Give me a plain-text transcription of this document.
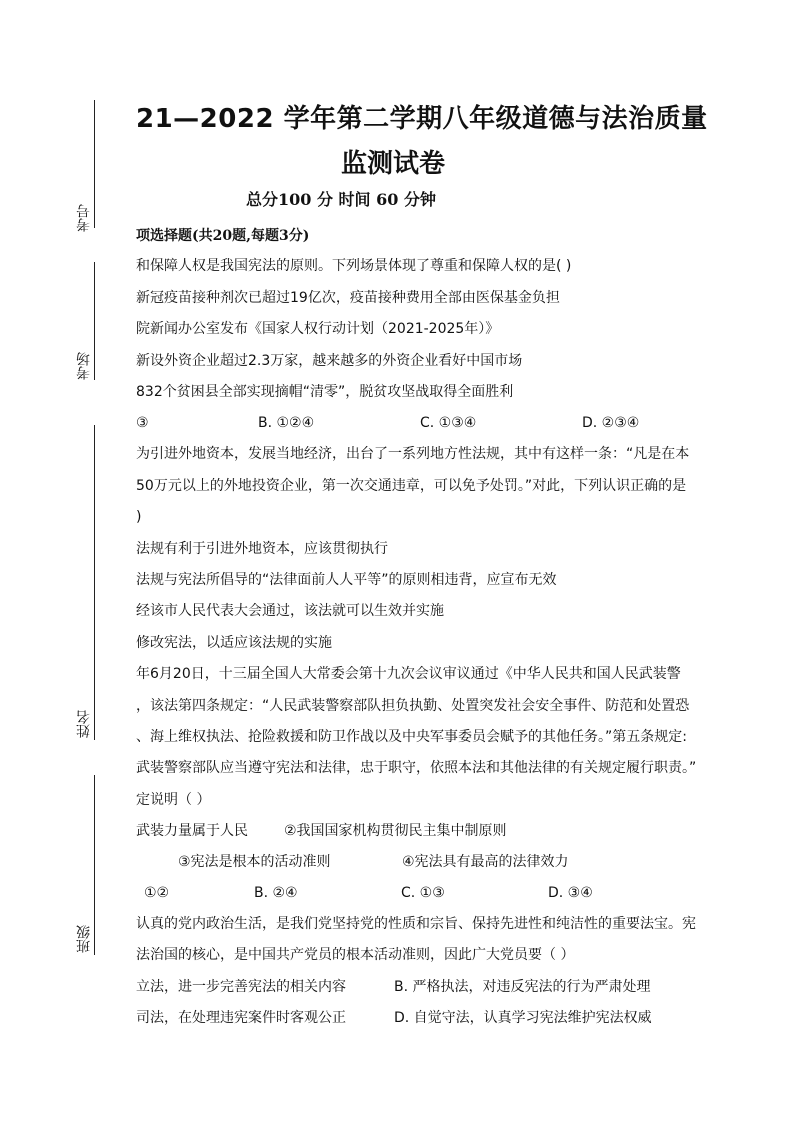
考号
考场
姓名
班级
21—2022 学年第二学期八年级道德与法治质量
监测试卷
总分100 分 时间 60 分钟
项选择题(共20题,每题3分)
和保障人权是我国宪法的原则。下列场景体现了尊重和保障人权的是( )
新冠疫苗接种剂次已超过19亿次，疫苗接种费用全部由医保基金负担
院新闻办公室发布《国家人权行动计划（2021-2025年）》
新设外资企业超过2.3万家，越来越多的外资企业看好中国市场
832个贫困县全部实现摘帽“清零”，脱贫攻坚战取得全面胜利
③	B. ①②④	C. ①③④	D. ②③④
为引进外地资本，发展当地经济，出台了一系列地方性法规，其中有这样一条：“凡是在本
50万元以上的外地投资企业，第一次交通违章，可以免予处罚。”对此，下列认识正确的是
)
法规有利于引进外地资本，应该贯彻执行
法规与宪法所倡导的“法律面前人人平等”的原则相违背，应宣布无效
经该市人民代表大会通过，该法就可以生效并实施
修改宪法，以适应该法规的实施
年6月20日，十三届全国人大常委会第十九次会议审议通过《中华人民共和国人民武装警
，该法第四条规定：“人民武装警察部队担负执勤、处置突发社会安全事件、防范和处置恐
、海上维权执法、抢险救援和防卫作战以及中央军事委员会赋予的其他任务。”第五条规定:
武装警察部队应当遵守宪法和法律，忠于职守，依照本法和其他法律的有关规定履行职责。”
定说明（ ）
武装力量属于人民	②我国国家机构贯彻民主集中制原则
③宪法是根本的活动准则	④宪法具有最高的法律效力
①②	B. ②④	C. ①③	D. ③④
认真的党内政治生活，是我们党坚持党的性质和宗旨、保持先进性和纯洁性的重要法宝。宪
法治国的核心，是中国共产党员的根本活动准则，因此广大党员要（ ）
立法，进一步完善宪法的相关内容	B. 严格执法，对违反宪法的行为严肃处理
司法，在处理违宪案件时客观公正	D. 自觉守法，认真学习宪法维护宪法权威
